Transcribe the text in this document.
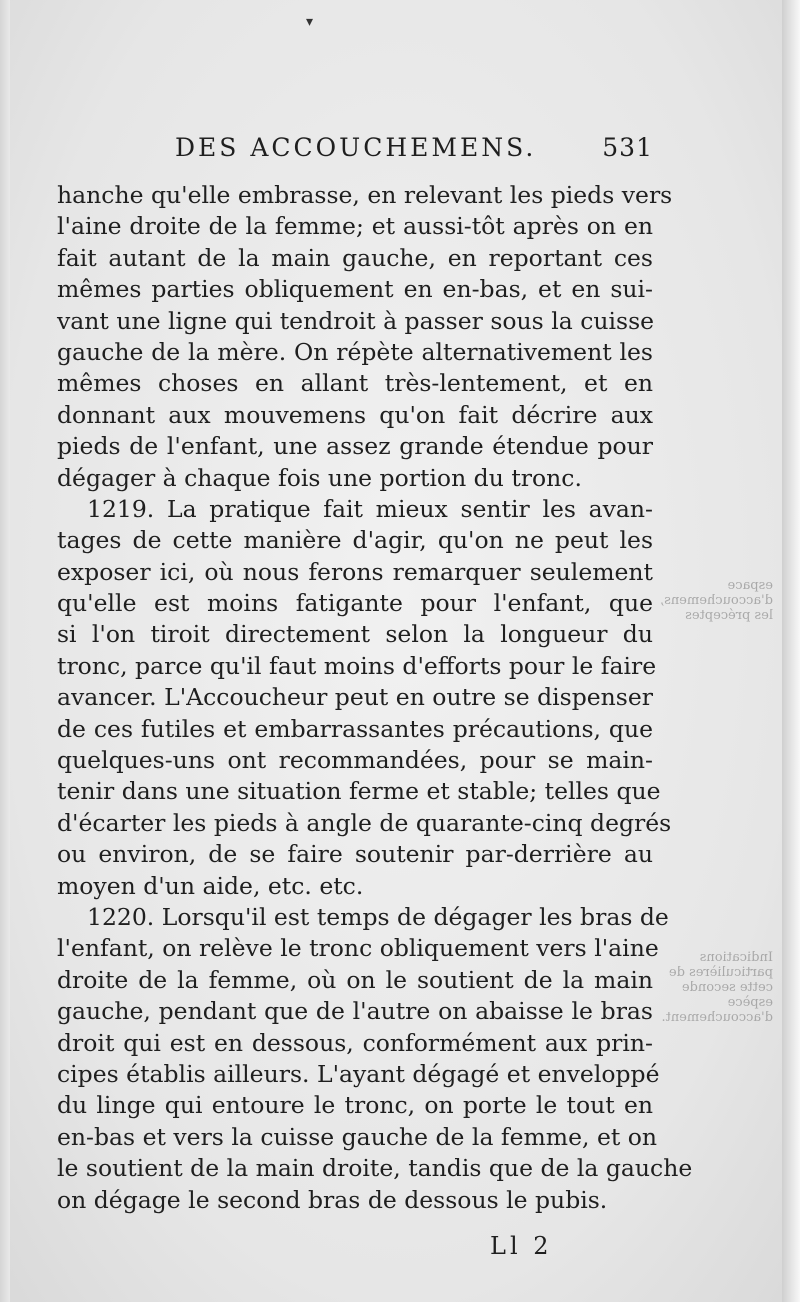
▾
DES ACCOUCHEMENS.	531
espace d'accouchemens, les préceptes
Indications particulières de cette seconde espèce d'accouchement.
hanche qu'elle embrasse, en relevant les pieds vers
l'aine droite de la femme; et aussi-tôt après on en
fait autant de la main gauche, en reportant ces
mêmes parties obliquement en en-bas, et en sui-
vant une ligne qui tendroit à passer sous la cuisse
gauche de la mère. On répète alternativement les
mêmes choses en allant très-lentement, et en
donnant aux mouvemens qu'on fait décrire aux
pieds de l'enfant, une assez grande étendue pour
dégager à chaque fois une portion du tronc.
1219. La pratique fait mieux sentir les avan-
tages de cette manière d'agir, qu'on ne peut les
exposer ici, où nous ferons remarquer seulement
qu'elle est moins fatigante pour l'enfant, que
si l'on tiroit directement selon la longueur du
tronc, parce qu'il faut moins d'efforts pour le faire
avancer. L'Accoucheur peut en outre se dispenser
de ces futiles et embarrassantes précautions, que
quelques-uns ont recommandées, pour se main-
tenir dans une situation ferme et stable; telles que
d'écarter les pieds à angle de quarante-cinq degrés
ou environ, de se faire soutenir par-derrière au
moyen d'un aide, etc. etc.
1220. Lorsqu'il est temps de dégager les bras de
l'enfant, on relève le tronc obliquement vers l'aine
droite de la femme, où on le soutient de la main
gauche, pendant que de l'autre on abaisse le bras
droit qui est en dessous, conformément aux prin-
cipes établis ailleurs. L'ayant dégagé et enveloppé
du linge qui entoure le tronc, on porte le tout en
en-bas et vers la cuisse gauche de la femme, et on
le soutient de la main droite, tandis que de la gauche
on dégage le second bras de dessous le pubis.
Ll 2
